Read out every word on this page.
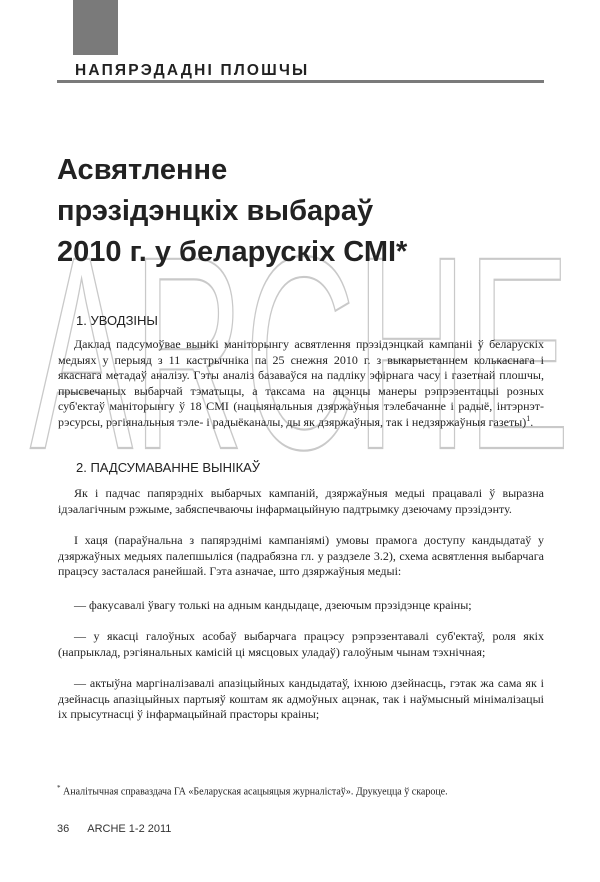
НАПЯРЭДАДНІ ПЛОШЧЫ
ARCHE
Асвятленне
прэзідэнцкіх выбараў
2010 г. у беларускіх СМІ*
1. УВОДЗІНЫ

Даклад падсумоўвае вынікі маніторынгу асвятлення прэзідэнцкай кампаніі ў беларускіх медыях у перыяд з 11 кастрычніка па 25 снежня 2010 г. з выкарыстаннем колькаснага і якаснага метадаў аналізу. Гэты аналіз базаваўся на падліку эфірнага часу і газетнай плошчы, прысвечаных выбарчай тэматыцы, а таксама на ацэнцы манеры рэпрэзентацыі розных суб'ектаў маніторынгу ў 18 СМІ (нацыянальныя дзяржаўныя тэлебачанне і радыё, інтэрнэт-рэсурсы, рэгіянальныя тэле- і радыёканалы, ды як дзяржаўныя, так і недзяржаўныя газеты)$^1$.

2. ПАДСУМАВАННЕ ВЫНІКАЎ

Як і падчас папярэдніх выбарчых кампаній, дзяржаўныя медыі працавалі ў выразна ідэалагічным рэжыме, забяспечваючы інфармацыйную падтрымку дзеючаму прэзідэнту.

І хаця (параўнальна з папярэднімі кампаніямі) умовы прамога доступу кандыдатаў у дзяржаўных медыях палепшыліся (падрабязна гл. у раздзеле 3.2), схема асвятлення выбарчага працэсу засталася ранейшай. Гэта азначае, што дзяржаўныя медыі:

— факусавалі ўвагу толькі на адным кандыдаце, дзеючым прэзідэнце краіны;

— у якасці галоўных асобаў выбарчага працэсу рэпрэзентавалі суб'ектаў, роля якіх (напрыклад, рэгіянальных камісій ці мясцовых уладаў) галоўным чынам тэхнічная;

— актыўна маргіналізавалі апазіцыйных кандыдатаў, іхнюю дзейнасць, гэтак жа сама як і дзейнасць апазіцыйных партыяў коштам як адмоўных ацэнак, так і наўмысный мінімалізацыі іх прысутнасці ў інфармацыйнай прасторы краіны;

* Аналітычная справаздача ГА «Беларуская асацыяцыя журналістаў». Друкуецца ў скароце.
36 ARCHE 1-2 2011
